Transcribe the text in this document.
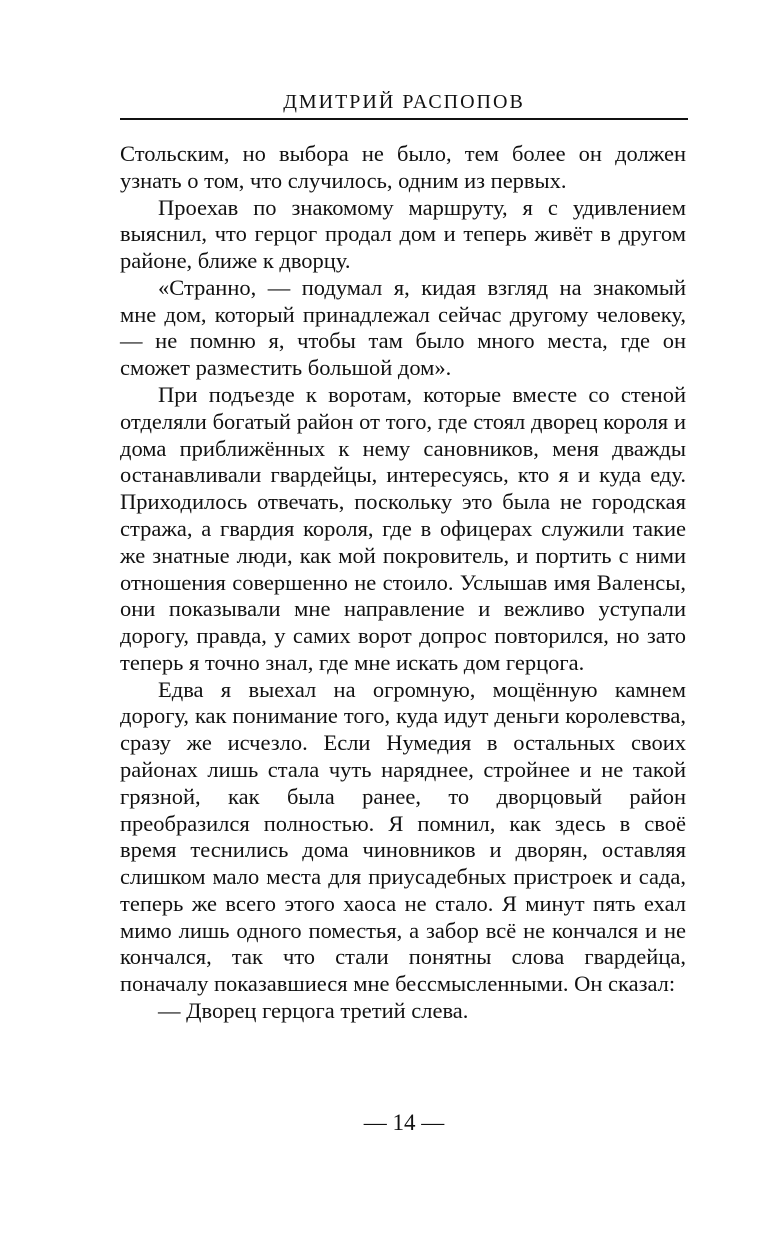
ДМИТРИЙ РАСПОПОВ

Стольским, но выбора не было, тем более он должен узнать о том, что случилось, одним из первых.

Проехав по знакомому маршруту, я с удивлением выяснил, что герцог продал дом и теперь живёт в другом районе, ближе к дворцу.

«Странно, — подумал я, кидая взгляд на знакомый мне дом, который принадлежал сейчас другому человеку, — не помню я, чтобы там было много места, где он сможет разместить большой дом».

При подъезде к воротам, которые вместе со стеной отделяли богатый район от того, где стоял дворец короля и дома приближённых к нему сановников, меня дважды останавливали гвардейцы, интересуясь, кто я и куда еду. Приходилось отвечать, поскольку это была не городская стража, а гвардия короля, где в офицерах служили такие же знатные люди, как мой покровитель, и портить с ними отношения совершенно не стоило. Услышав имя Валенсы, они показывали мне направление и вежливо уступали дорогу, правда, у самих ворот допрос повторился, но зато теперь я точно знал, где мне искать дом герцога.

Едва я выехал на огромную, мощённую камнем дорогу, как понимание того, куда идут деньги королевства, сразу же исчезло. Если Нумедия в остальных своих районах лишь стала чуть наряднее, стройнее и не такой грязной, как была ранее, то дворцовый район преобразился полностью. Я помнил, как здесь в своё время теснились дома чиновников и дворян, оставляя слишком мало места для приусадебных пристроек и сада, теперь же всего этого хаоса не стало. Я минут пять ехал мимо лишь одного поместья, а забор всё не кончался и не кончался, так что стали понятны слова гвардейца, поначалу показавшиеся мне бессмысленными. Он сказал:

— Дворец герцога третий слева.

— 14 —
